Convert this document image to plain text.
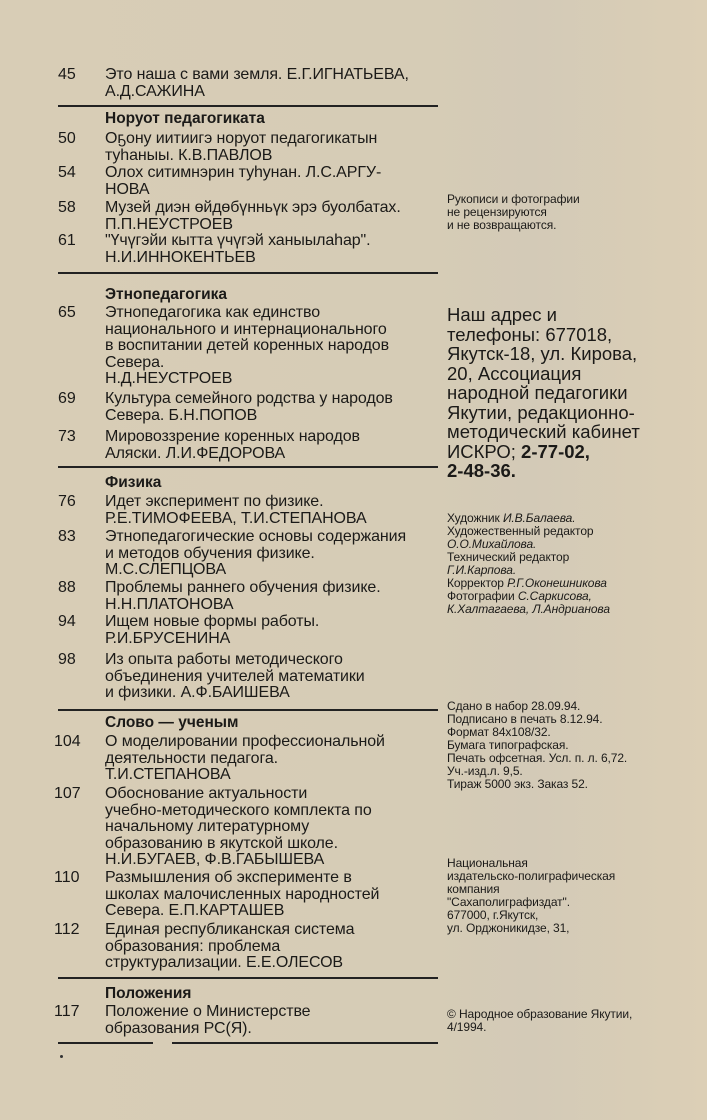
45	Это наша с вами земля. Е.Г.ИГНАТЬЕВА,
А.Д.САЖИНА
Норуот педагогиката
50	Оҕону иитиигэ норуот педагогикатын
туһаныы. К.В.ПАВЛОВ
54	Олох ситимнэрин туһунан. Л.С.АРГУ-
НОВА
58	Музей диэн өйдөбүнньүк эрэ буолбатах.
П.П.НЕУСТРОЕВ
61	"Үчүгэйи кытта үчүгэй ханыылаһар".
Н.И.ИННОКЕНТЬЕВ
Этнопедагогика
65	Этнопедагогика как единство
национального и интернационального
в воспитании детей коренных народов
Севера.
Н.Д.НЕУСТРОЕВ
69	Культура семейного родства у народов
Севера. Б.Н.ПОПОВ
73	Мировоззрение коренных народов
Аляски. Л.И.ФЕДОРОВА
Физика
76	Идет эксперимент по физике.
Р.Е.ТИМОФЕЕВА, Т.И.СТЕПАНОВА
83	Этнопедагогические основы содержания
и методов обучения физике.
М.С.СЛЕПЦОВА
88	Проблемы раннего обучения физике.
Н.Н.ПЛАТОНОВА
94	Ищем новые формы работы.
Р.И.БРУСЕНИНА
98	Из опыта работы методического
объединения учителей математики
и физики. А.Ф.БАИШЕВА
Слово — ученым
104	О моделировании профессиональной
деятельности педагога.
Т.И.СТЕПАНОВА
107	Обоснование актуальности
учебно-методического комплекта по
начальному литературному
образованию в якутской школе.
Н.И.БУГАЕВ, Ф.В.ГАБЫШЕВА
110	Размышления об эксперименте в
школах малочисленных народностей
Севера. Е.П.КАРТАШЕВ
112	Единая республиканская система
образования: проблема
структурализации. Е.Е.ОЛЕСОВ
Положения
117	Положение о Министерстве
образования РС(Я).
Рукописи и фотографии
не рецензируются
и не возвращаются.
Наш адрес и
телефоны: 677018,
Якутск-18, ул. Кирова,
20, Ассоциация
народной педагогики
Якутии, редакционно-
методический кабинет
ИСКРО; 2-77-02,
2-48-36.
Художник И.В.Балаева.
Художественный редактор
О.О.Михайлова.
Технический редактор
Г.И.Карпова.
Корректор Р.Г.Оконешникова
Фотографии С.Саркисова,
К.Халтагаева, Л.Андрианова
Сдано в набор 28.09.94.
Подписано в печать 8.12.94.
Формат 84х108/32.
Бумага типографская.
Печать офсетная. Усл. п. л. 6,72.
Уч.-изд.л. 9,5.
Тираж 5000 экз. Заказ 52.
Национальная
издательско-полиграфическая
компания
"Сахаполиграфиздат".
677000, г.Якутск,
ул. Орджоникидзе, 31,
© Народное образование Якутии,
4/1994.
